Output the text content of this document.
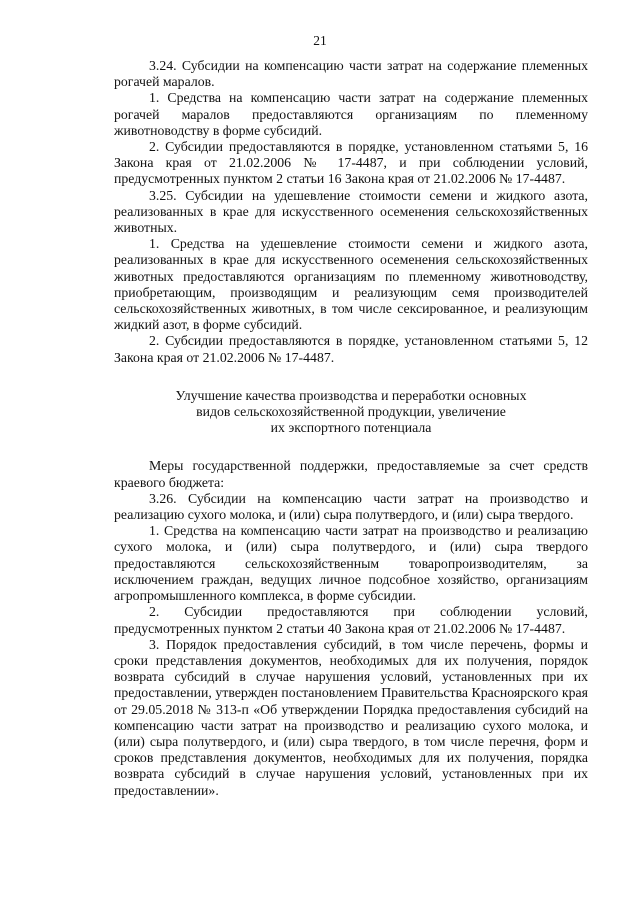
21

3.24. Субсидии на компенсацию части затрат на содержание племенных рогачей маралов.

1. Средства на компенсацию части затрат на содержание племенных рогачей маралов предоставляются организациям по племенному животноводству в форме субсидий.

2. Субсидии предоставляются в порядке, установленном статьями 5, 16 Закона края от 21.02.2006 № 17-4487, и при соблюдении условий, предусмотренных пунктом 2 статьи 16 Закона края от 21.02.2006 № 17-4487.

3.25. Субсидии на удешевление стоимости семени и жидкого азота, реализованных в крае для искусственного осеменения сельскохозяйственных животных.

1. Средства на удешевление стоимости семени и жидкого азота, реализованных в крае для искусственного осеменения сельскохозяйственных животных предоставляются организациям по племенному животноводству, приобретающим, производящим и реализующим семя производителей сельскохозяйственных животных, в том числе сексированное, и реализующим жидкий азот, в форме субсидий.

2. Субсидии предоставляются в порядке, установленном статьями 5, 12 Закона края от 21.02.2006 № 17-4487.

Улучшение качества производства и переработки основных
видов сельскохозяйственной продукции, увеличение
их экспортного потенциала

Меры государственной поддержки, предоставляемые за счет средств краевого бюджета:

3.26. Субсидии на компенсацию части затрат на производство и реализацию сухого молока, и (или) сыра полутвердого, и (или) сыра твердого.

1. Средства на компенсацию части затрат на производство и реализацию сухого молока, и (или) сыра полутвердого, и (или) сыра твердого предоставляются сельскохозяйственным товаропроизводителям, за исключением граждан, ведущих личное подсобное хозяйство, организациям агропромышленного комплекса, в форме субсидии.

2. Субсидии предоставляются при соблюдении условий, предусмотренных пунктом 2 статьи 40 Закона края от 21.02.2006 № 17-4487.

3. Порядок предоставления субсидий, в том числе перечень, формы и сроки представления документов, необходимых для их получения, порядок возврата субсидий в случае нарушения условий, установленных при их предоставлении, утвержден постановлением Правительства Красноярского края от 29.05.2018 № 313-п «Об утверждении Порядка предоставления субсидий на компенсацию части затрат на производство и реализацию сухого молока, и (или) сыра полутвердого, и (или) сыра твердого, в том числе перечня, форм и сроков представления документов, необходимых для их получения, порядка возврата субсидий в случае нарушения условий, установленных при их предоставлении».
